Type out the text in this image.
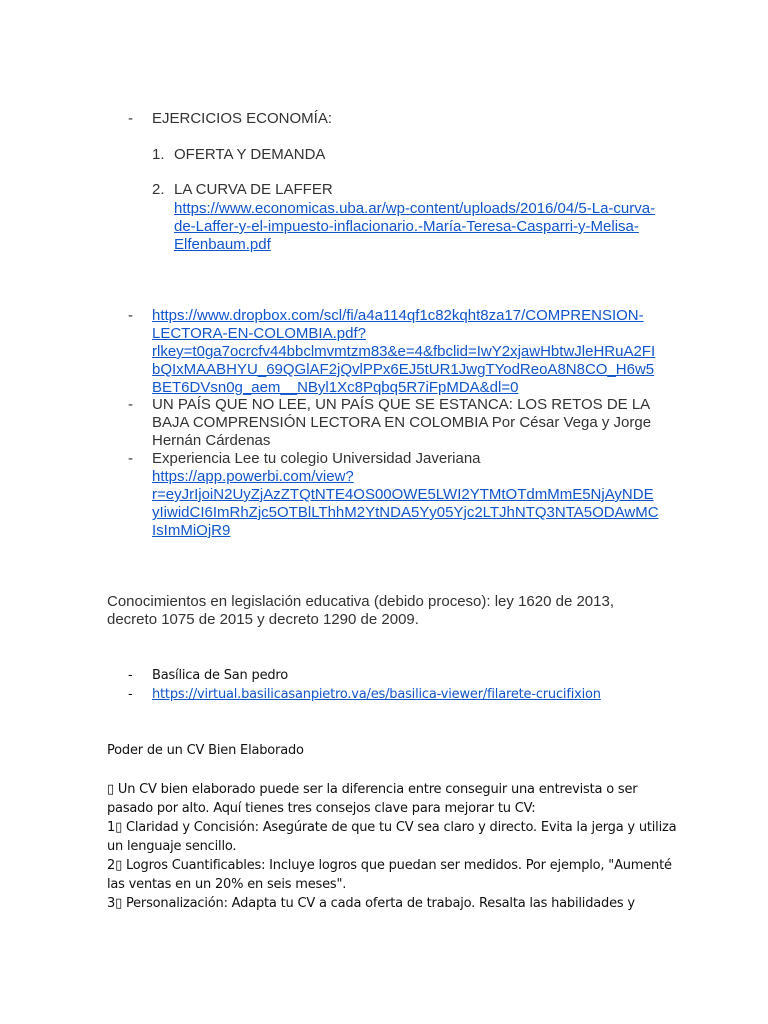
- EJERCICIOS ECONOMÍA:
1. OFERTA Y DEMANDA
2. LA CURVA DE LAFFER
https://www.economicas.uba.ar/wp-content/uploads/2016/04/5-La-curva-
de-Laffer-y-el-impuesto-inflacionario.-María-Teresa-Casparri-y-Melisa-
Elfenbaum.pdf
- https://www.dropbox.com/scl/fi/a4a114qf1c82kqht8za17/COMPRENSION-
LECTORA-EN-COLOMBIA.pdf?
rlkey=t0ga7ocrcfv44bbclmvmtzm83&e=4&fbclid=IwY2xjawHbtwJleHRuA2FI
bQIxMAABHYU_69QGlAF2jQvlPPx6EJ5tUR1JwgTYodReoA8N8CO_H6w5
BET6DVsn0g_aem__NByl1Xc8Pqbq5R7iFpMDA&dl=0
- UN PAÍS QUE NO LEE, UN PAÍS QUE SE ESTANCA: LOS RETOS DE LA
BAJA COMPRENSIÓN LECTORA EN COLOMBIA Por César Vega y Jorge
Hernán Cárdenas
- Experiencia Lee tu colegio Universidad Javeriana
https://app.powerbi.com/view?
r=eyJrIjoiN2UyZjAzZTQtNTE4OS00OWE5LWI2YTMtOTdmMmE5NjAyNDE
yIiwidCI6ImRhZjc5OTBlLThhM2YtNDA5Yy05Yjc2LTJhNTQ3NTA5ODAwMC
IsImMiOjR9
Conocimientos en legislación educativa (debido proceso): ley 1620 de 2013,
decreto 1075 de 2015 y decreto 1290 de 2009.
- Basílica de San pedro
- https://virtual.basilicasanpietro.va/es/basilica-viewer/filarete-crucifixion
Poder de un CV Bien Elaborado
▯ Un CV bien elaborado puede ser la diferencia entre conseguir una entrevista o ser
pasado por alto. Aquí tienes tres consejos clave para mejorar tu CV:
1▯ Claridad y Concisión: Asegúrate de que tu CV sea claro y directo. Evita la jerga y utiliza
un lenguaje sencillo.
2▯ Logros Cuantificables: Incluye logros que puedan ser medidos. Por ejemplo, "Aumenté
las ventas en un 20% en seis meses".
3▯ Personalización: Adapta tu CV a cada oferta de trabajo. Resalta las habilidades y
